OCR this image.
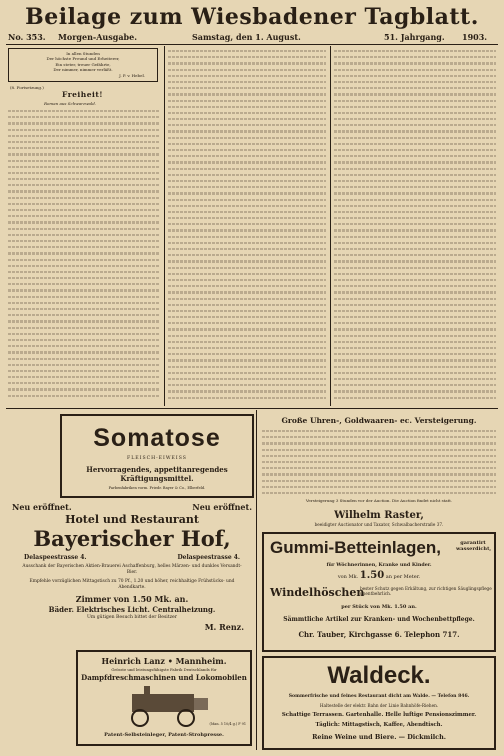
Beilage zum Wiesbadener Tagblatt.
No. 353. Morgen-Ausgabe.	Samstag, den 1. August.	51. Jahrgang. 1903.
In allen Stunden
Der höchste Freund und Erheiterer,
Ein steter, treuer Gefährte,
Der nimmer, nimmer verläßt.
J. P. v. Hebel.
(8. Fortsetzung.)
Freiheit!
Roman aus Schwarzwald.
Somatose
FLEISCH-EIWEISS
Hervorragendes, appetitanregendes
Kräftigungsmittel.
Farbenfabriken vorm. Friedr. Bayer & Co., Elberfeld.
Große Uhren-, Goldwaaren- ec. Versteigerung.
Versteigerung 3 Stunden vor der Auction. Die Auction findet nicht statt.
Neu eröffnet.	Neu eröffnet.
Hotel und Restaurant
Bayerischer Hof,
Delaspeestrasse 4.	Delaspeestrasse 4.
Ausschank der Bayerischen Aktien-Brauerei Aschaffenburg, helles Märzen- und dunkles Versandt-Bier.
Empfehle vorzüglichen Mittagstisch zu 70 Pf., 1.20 und höher, reichhaltige Frühstücks- und Abendkarte.
Zimmer von 1.50 Mk. an.
Bäder. Elektrisches Licht. Centralheizung.
Um gütigen Besuch bittet der Besitzer
M. Renz.
Heinrich Lanz • Mannheim.
Grösste und leistungsfähigste Fabrik Deutschlands für
Dampfdreschmaschinen und Lokomobilen
Patent-Selbsteinleger, Patent-Strohpresse.
(Man. 5 10/4 g.) F 91
Wilhelm Raster,
beeidigter Auctionator und Taxator, Schwalbacherstraße 37.
Gummi-Betteinlagen,	garantirt wasserdicht,
für Wöchnerinnen, Kranke und Kinder.
von Mk. 1.50 an per Meter.
Windelhöschen
bester Schutz gegen Erkältung, zur richtigen Säuglingspflege unentbehrlich.
per Stück von Mk. 1.50 an.
Sämmtliche Artikel zur Kranken- und Wochenbettpflege.
Chr. Tauber, Kirchgasse 6. Telephon 717.
Waldeck.
Sommerfrische und feines Restaurant dicht am Walde. — Telefon 846.
Haltestelle der elektr. Bahn der Linie Bahnhöfe-Riehen.
Schattige Terrassen. Gartenhalle. Helle luftige Pensionszimmer.
Täglich: Mittagstisch, Kaffee, Abendtisch.
Reine Weine und Biere. — Dickmilch.
